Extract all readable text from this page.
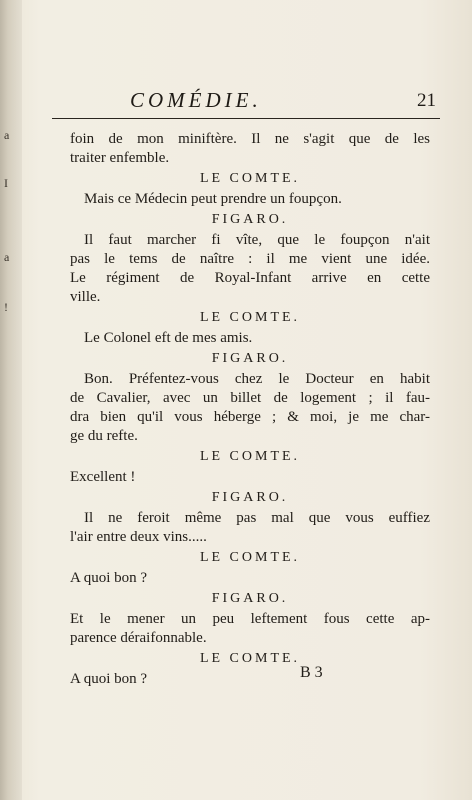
a
I
a
!
COMÉDIE.	21
foin de mon miniftère. Il ne s'agit que de les
traiter enfemble.
LE COMTE.
Mais ce Médecin peut prendre un foupçon.
FIGARO.
Il faut marcher fi vîte, que le foupçon n'ait
pas le tems de naître : il me vient une idée.
Le régiment de Royal-Infant arrive en cette
ville.
LE COMTE.
Le Colonel eft de mes amis.
FIGARO.
Bon. Préfentez-vous chez le Docteur en habit
de Cavalier, avec un billet de logement ; il fau-
dra bien qu'il vous héberge ; & moi, je me char-
ge du refte.
LE COMTE.
Excellent !
FIGARO.
Il ne feroit même pas mal que vous euffiez
l'air entre deux vins.....
LE COMTE.
A quoi bon ?
FIGARO.
Et le mener un peu leftement fous cette ap-
parence déraifonnable.
LE COMTE.
A quoi bon ?	B 3
